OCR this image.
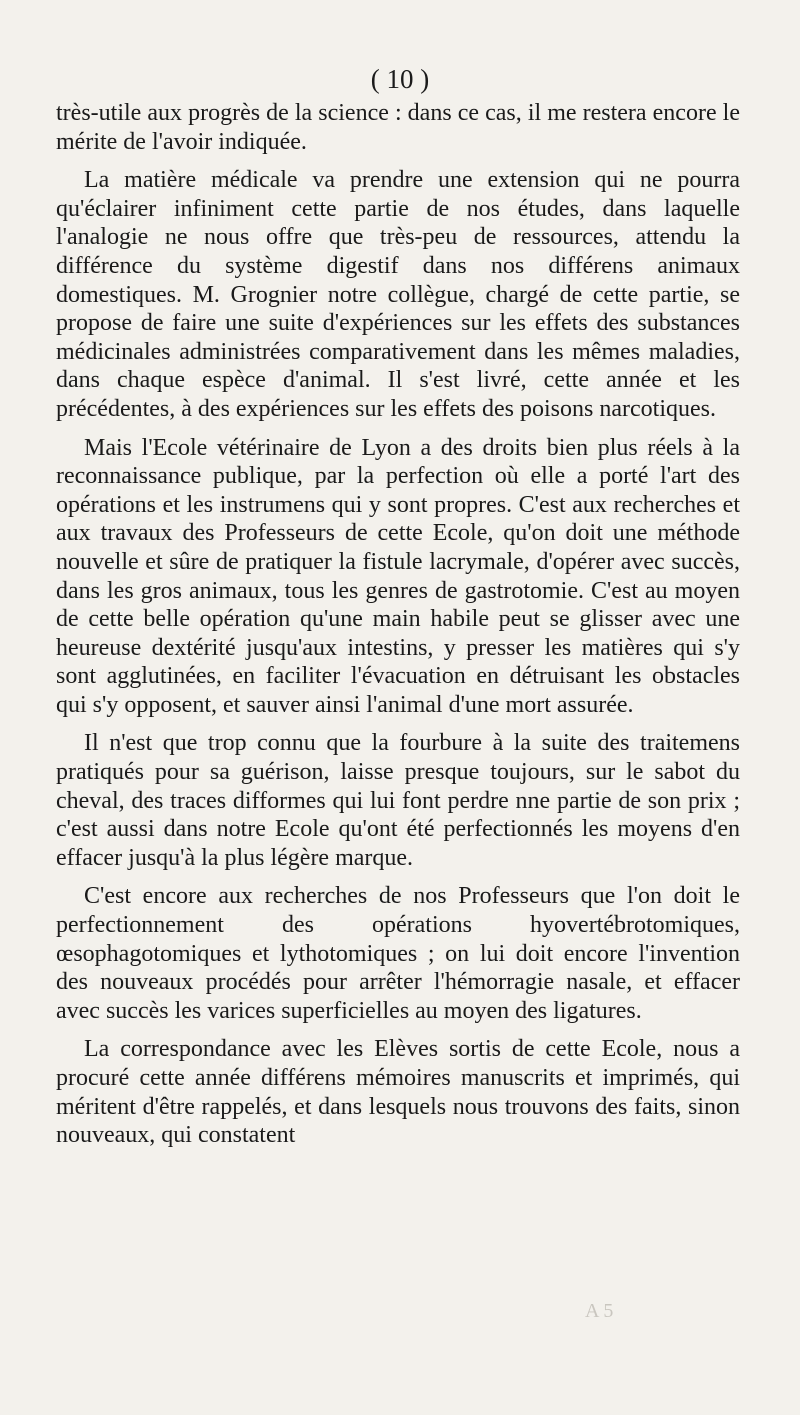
( 10 )

très-utile aux progrès de la science : dans ce cas, il me restera encore le mérite de l'avoir indiquée.

La matière médicale va prendre une extension qui ne pourra qu'éclairer infiniment cette partie de nos études, dans laquelle l'analogie ne nous offre que très-peu de ressources, attendu la différence du système digestif dans nos différens animaux domestiques. M. Grognier notre collègue, chargé de cette partie, se propose de faire une suite d'expériences sur les effets des substances médicinales administrées comparativement dans les mêmes maladies, dans chaque espèce d'animal. Il s'est livré, cette année et les précédentes, à des expériences sur les effets des poisons narcotiques.

Mais l'Ecole vétérinaire de Lyon a des droits bien plus réels à la reconnaissance publique, par la perfection où elle a porté l'art des opérations et les instrumens qui y sont propres. C'est aux recherches et aux travaux des Professeurs de cette Ecole, qu'on doit une méthode nouvelle et sûre de pratiquer la fistule lacrymale, d'opérer avec succès, dans les gros animaux, tous les genres de gastrotomie. C'est au moyen de cette belle opération qu'une main habile peut se glisser avec une heureuse dextérité jusqu'aux intestins, y presser les matières qui s'y sont agglutinées, en faciliter l'évacuation en détruisant les obstacles qui s'y opposent, et sauver ainsi l'animal d'une mort assurée.

Il n'est que trop connu que la fourbure à la suite des traitemens pratiqués pour sa guérison, laisse presque toujours, sur le sabot du cheval, des traces difformes qui lui font perdre nne partie de son prix ; c'est aussi dans notre Ecole qu'ont été perfectionnés les moyens d'en effacer jusqu'à la plus légère marque.

C'est encore aux recherches de nos Professeurs que l'on doit le perfectionnement des opérations hyovertébrotomiques, œsophagotomiques et lythotomiques ; on lui doit encore l'invention des nouveaux procédés pour arrêter l'hémorragie nasale, et effacer avec succès les varices superficielles au moyen des ligatures.

La correspondance avec les Elèves sortis de cette Ecole, nous a procuré cette année différens mémoires manuscrits et imprimés, qui méritent d'être rappelés, et dans lesquels nous trouvons des faits, sinon nouveaux, qui constatent

A 5
